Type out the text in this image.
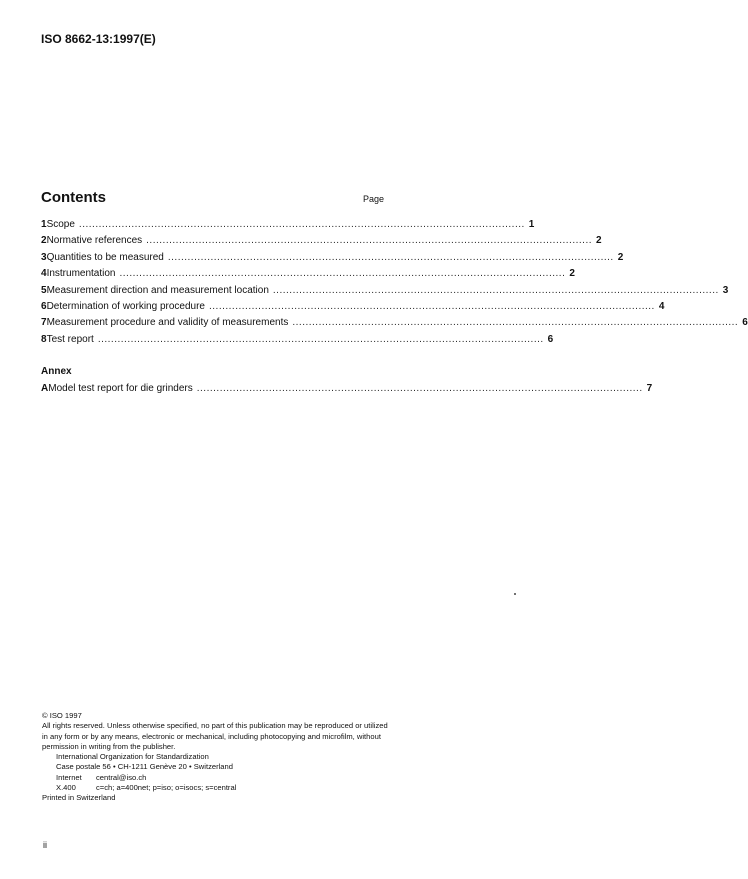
ISO 8662-13:1997(E)
Contents	Page
1 Scope ........................................................................................................................................ 1
2 Normative references ........................................................................................................................................ 2
3 Quantities to be measured ........................................................................................................................................ 2
4 Instrumentation ........................................................................................................................................ 2
5 Measurement direction and measurement location ........................................................................................................................................ 3
6 Determination of working procedure ........................................................................................................................................ 4
7 Measurement procedure and validity of measurements ........................................................................................................................................ 6
8 Test report ........................................................................................................................................ 6
Annex
A Model test report for die grinders ........................................................................................................................................ 7

© ISO 1997

All rights reserved. Unless otherwise specified, no part of this publication may be reproduced or utilized in any form or by any means, electronic or mechanical, including photocopying and microfilm, without permission in writing from the publisher.

International Organization for Standardization
Case postale 56 • CH-1211 Genève 20 • Switzerland
Internet	central@iso.ch
X.400	c=ch; a=400net; p=iso; o=isocs; s=central

Printed in Switzerland

ii
